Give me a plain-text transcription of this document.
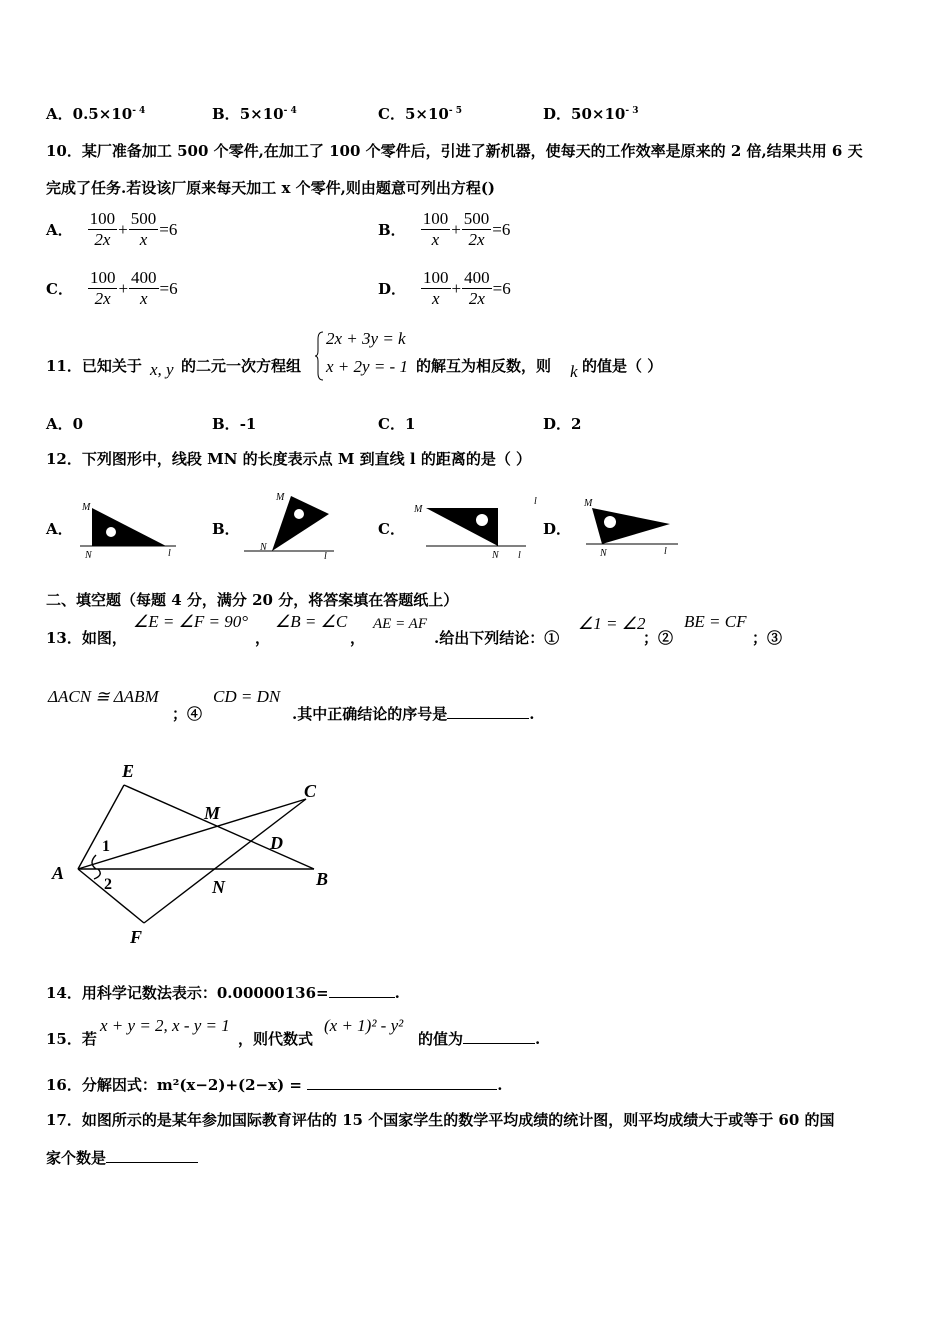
A．$0.5\times 10^{- 4}$	B．$5\times 10^{- 4}$	C．$5\times 10^{- 5}$	D．$50\times 10^{- 3}$
10．某厂准备加工 500 个零件,在加工了 100 个零件后，引进了新机器，使每天的工作效率是原来的 2 倍,结果共用 6 天
完成了任务.若设该厂原来每天加工 x 个零件,则由题意可列出方程()
A． $\frac{100}{2x} + \frac{500}{x} =6$	B． $\frac{100}{x} + \frac{500}{2x} =6$
C． $\frac{100}{2x} + \frac{400}{x} =6$	D． $\frac{100}{x} + \frac{400}{2x} =6$
11．已知关于 x, y 的二元一次方程组
2x + 3y = k
x + 2y = - 1 的解互为相反数，则 k 的值是（ ）
A．0	B．-1	C．1	D．2
12．下列图形中，线段 MN 的长度表示点 M 到直线 l 的距离的是（ ）
A．
M
N	l
B．
M
N
l
C．
M
N l
l
D．
M
N	l
二、填空题（每题 4 分，满分 20 分，将答案填在答题纸上）
13．如图，
∠E = ∠F = 90°
，
∠B = ∠C
，
AE = AF
.给出下列结论：①
∠1 = ∠2
；②
BE = CF
；③
ΔACN ≅ ΔABM
；④
CD = DN
.其中正确结论的序号是	.
E
M
C
D
A	B
N
F
1
2
14．用科学记数法表示：0.00000136=	.
15．若
x + y = 2, x - y = 1
，则代数式
(x + 1)² - y²
的值为	.
16．分解因式：m²(x−2)+(2−x) =	.
17．如图所示的是某年参加国际教育评估的 15 个国家学生的数学平均成绩的统计图，则平均成绩大于或等于 60 的国
家个数是
